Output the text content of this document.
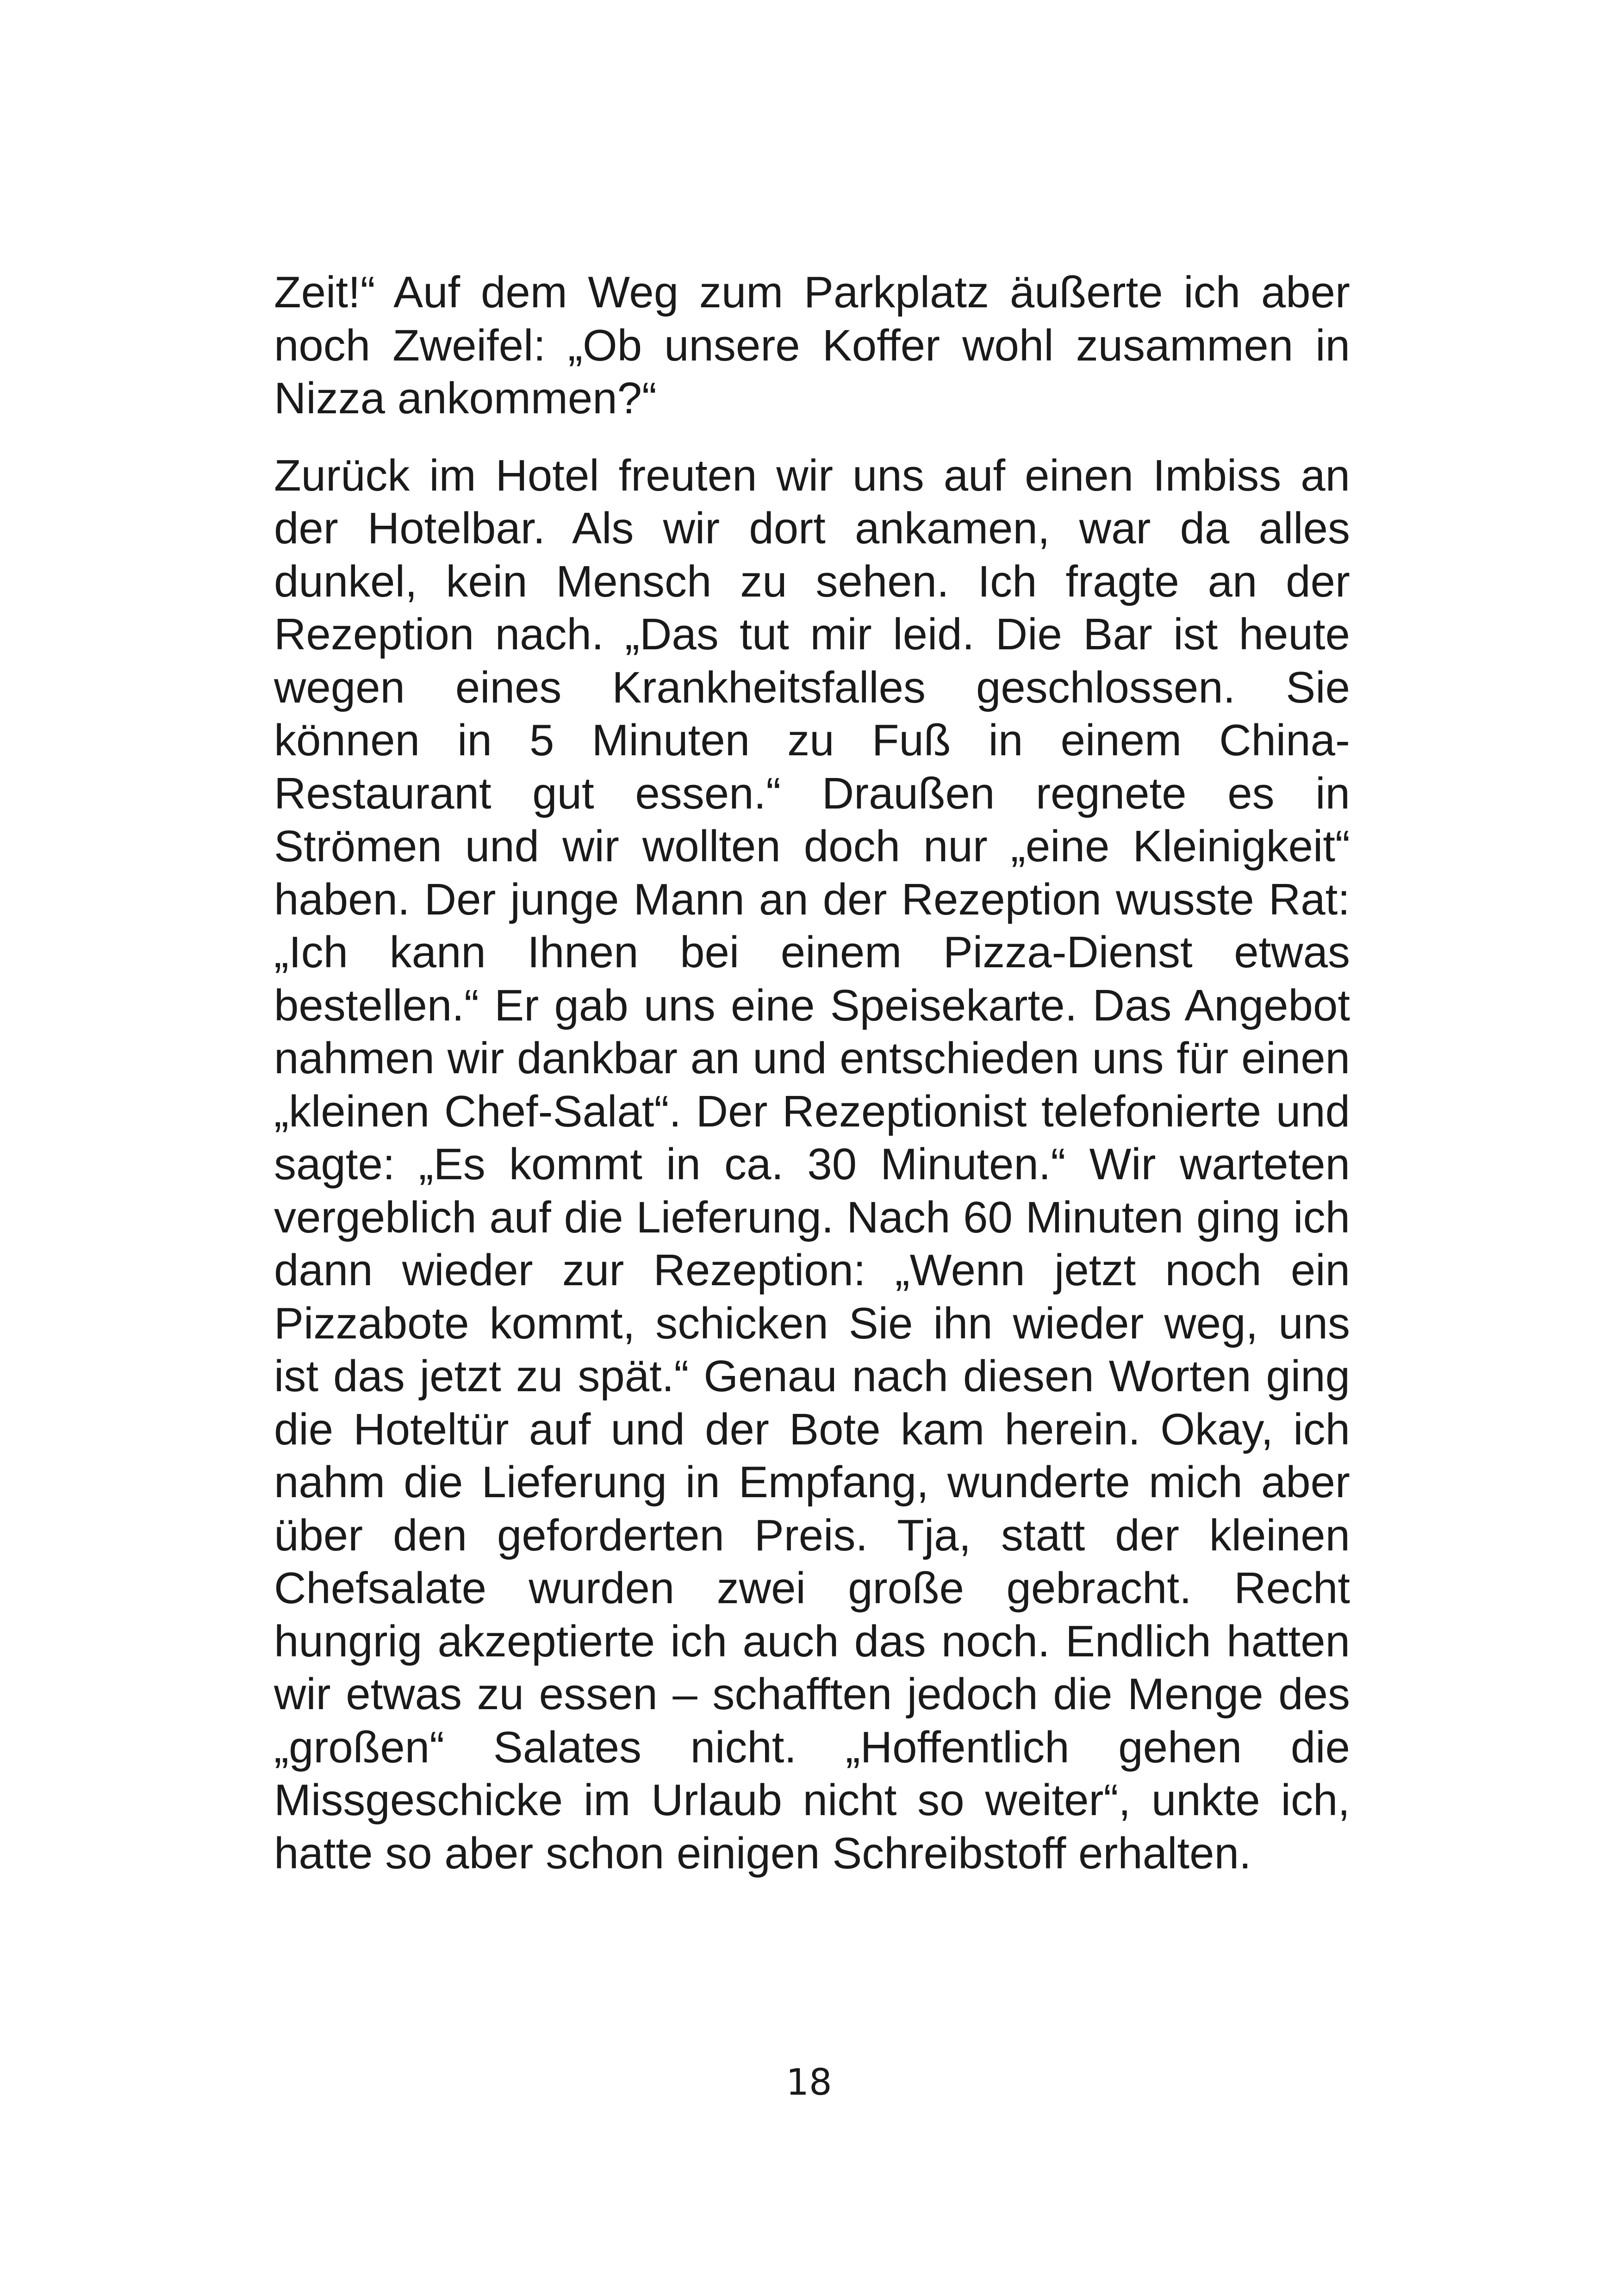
Zeit!“ Auf dem Weg zum Parkplatz äußerte ich aber noch Zweifel: „Ob unsere Koffer wohl zusammen in Nizza ankommen?“

Zurück im Hotel freuten wir uns auf einen Imbiss an der Hotelbar. Als wir dort ankamen, war da alles dunkel, kein Mensch zu sehen. Ich fragte an der Rezeption nach. „Das tut mir leid. Die Bar ist heute wegen eines Krankheitsfalles geschlossen. Sie können in 5 Minuten zu Fuß in einem China-Restaurant gut essen.“ Draußen regnete es in Strömen und wir wollten doch nur „eine Kleinigkeit“ haben. Der junge Mann an der Rezeption wusste Rat: „Ich kann Ihnen bei einem Pizza-Dienst etwas bestellen.“ Er gab uns eine Speisekarte. Das Angebot nahmen wir dankbar an und entschieden uns für einen „kleinen Chef-Salat“. Der Rezeptionist telefonierte und sagte: „Es kommt in ca. 30 Minuten.“ Wir warteten vergeblich auf die Lieferung. Nach 60 Minuten ging ich dann wieder zur Rezeption: „Wenn jetzt noch ein Pizzabote kommt, schicken Sie ihn wieder weg, uns ist das jetzt zu spät.“ Genau nach diesen Worten ging die Hoteltür auf und der Bote kam herein. Okay, ich nahm die Lieferung in Empfang, wunderte mich aber über den geforderten Preis. Tja, statt der kleinen Chefsalate wurden zwei große gebracht. Recht hungrig akzeptierte ich auch das noch. Endlich hatten wir etwas zu essen – schafften jedoch die Menge des „großen“ Salates nicht. „Hoffentlich gehen die Missgeschicke im Urlaub nicht so weiter“, unkte ich, hatte so aber schon einigen Schreibstoff erhalten.

18
